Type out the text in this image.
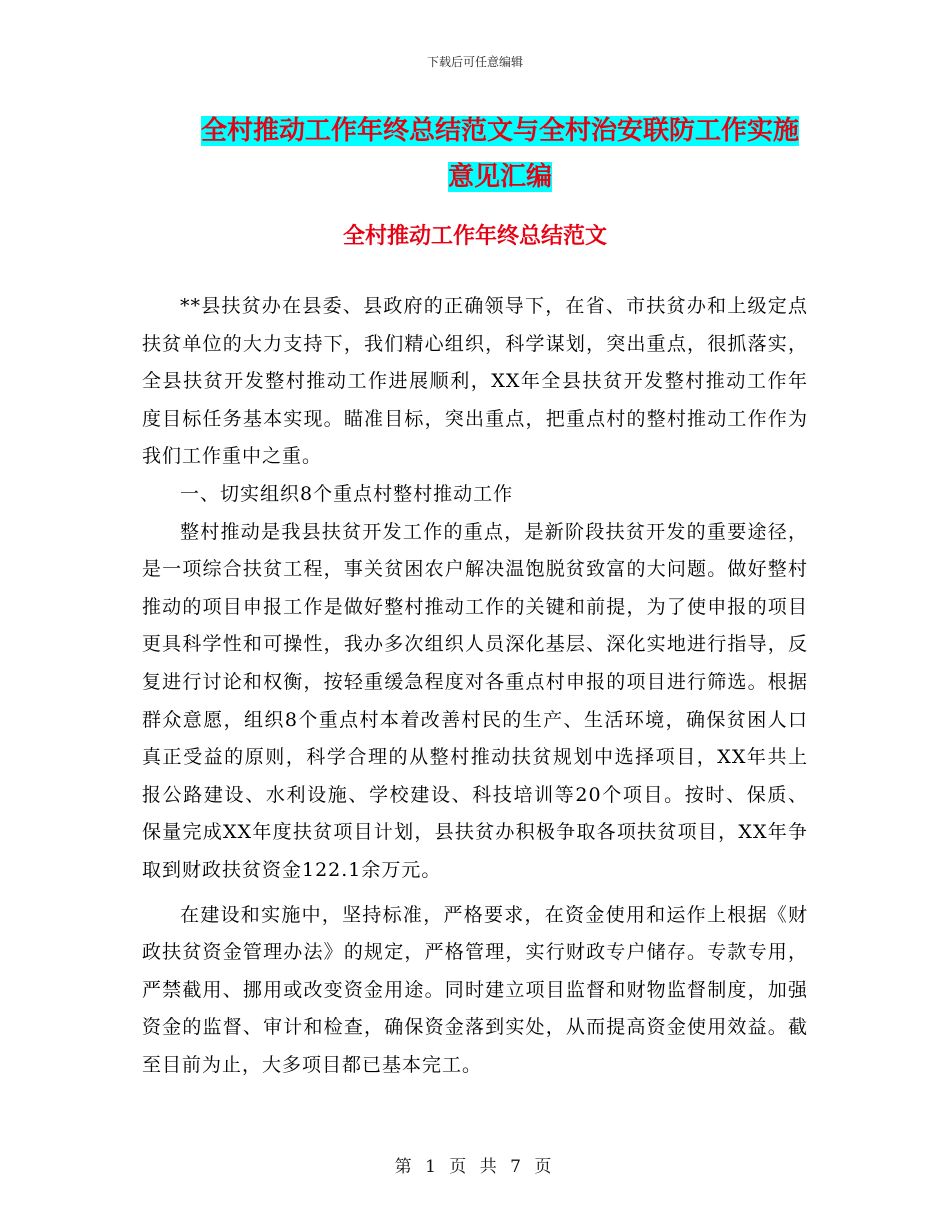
下载后可任意编辑
全村推动工作年终总结范文与全村治安联防工作实施
意见汇编
全村推动工作年终总结范文

**县扶贫办在县委、县政府的正确领导下，在省、市扶贫办和上级定点扶贫单位的大力支持下，我们精心组织，科学谋划，突出重点，很抓落实，全县扶贫开发整村推动工作进展顺利，XX年全县扶贫开发整村推动工作年度目标任务基本实现。瞄准目标，突出重点，把重点村的整村推动工作作为我们工作重中之重。

一、切实组织8个重点村整村推动工作

整村推动是我县扶贫开发工作的重点，是新阶段扶贫开发的重要途径，是一项综合扶贫工程，事关贫困农户解决温饱脱贫致富的大问题。做好整村推动的项目申报工作是做好整村推动工作的关键和前提，为了使申报的项目更具科学性和可操性，我办多次组织人员深化基层、深化实地进行指导，反复进行讨论和权衡，按轻重缓急程度对各重点村申报的项目进行筛选。根据群众意愿，组织8个重点村本着改善村民的生产、生活环境，确保贫困人口真正受益的原则，科学合理的从整村推动扶贫规划中选择项目，XX年共上报公路建设、水利设施、学校建设、科技培训等20个项目。按时、保质、保量完成XX年度扶贫项目计划，县扶贫办积极争取各项扶贫项目，XX年争取到财政扶贫资金122.1余万元。

在建设和实施中，坚持标准，严格要求，在资金使用和运作上根据《财政扶贫资金管理办法》的规定，严格管理，实行财政专户储存。专款专用，严禁截用、挪用或改变资金用途。同时建立项目监督和财物监督制度，加强资金的监督、审计和检查，确保资金落到实处，从而提高资金使用效益。截至目前为止，大多项目都已基本完工。

第 1 页 共 7 页
